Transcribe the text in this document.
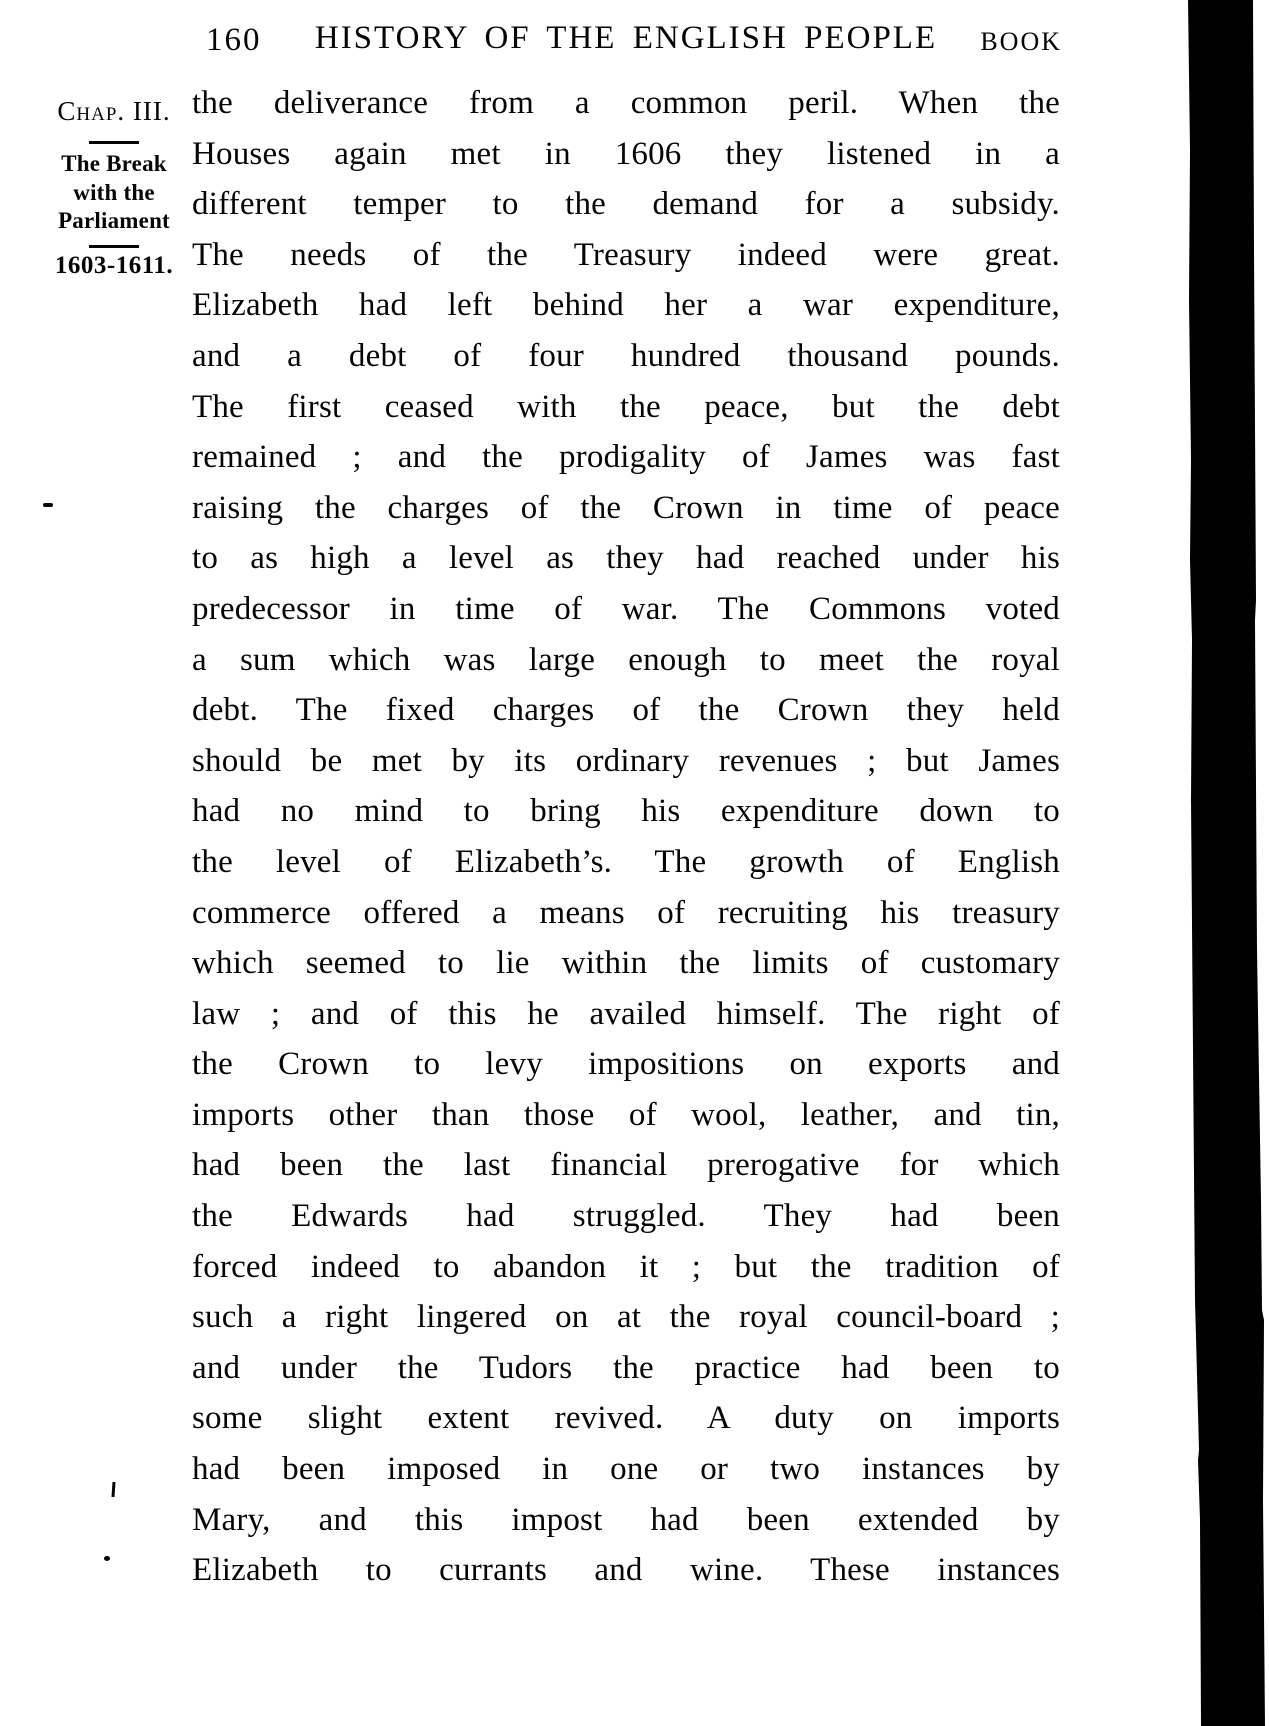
160	HISTORY OF THE ENGLISH PEOPLE	BOOK
Chap. III.
The Break
with the
Parliament
1603-1611.
the deliverance from a common peril. When the
Houses again met in 1606 they listened in a
different temper to the demand for a subsidy.
The needs of the Treasury indeed were great.
Elizabeth had left behind her a war expenditure,
and a debt of four hundred thousand pounds.
The first ceased with the peace, but the debt
remained ; and the prodigality of James was fast
raising the charges of the Crown in time of peace
to as high a level as they had reached under his
predecessor in time of war. The Commons voted
a sum which was large enough to meet the royal
debt. The fixed charges of the Crown they held
should be met by its ordinary revenues ; but James
had no mind to bring his expenditure down to
the level of Elizabeth’s. The growth of English
commerce offered a means of recruiting his treasury
which seemed to lie within the limits of customary
law ; and of this he availed himself. The right of
the Crown to levy impositions on exports and
imports other than those of wool, leather, and tin,
had been the last financial prerogative for which
the Edwards had struggled. They had been
forced indeed to abandon it ; but the tradition of
such a right lingered on at the royal council-board ;
and under the Tudors the practice had been to
some slight extent revived. A duty on imports
had been imposed in one or two instances by
Mary, and this impost had been extended by
Elizabeth to currants and wine. These instances
